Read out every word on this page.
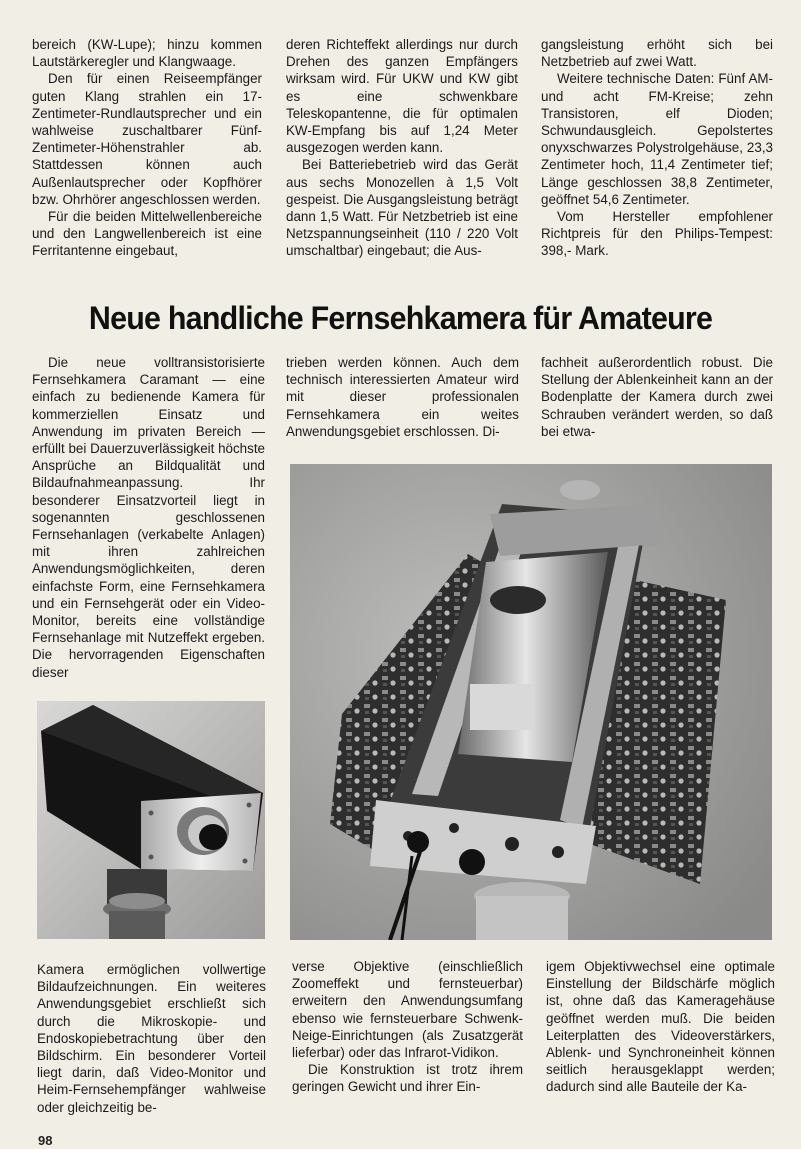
bereich (KW-Lupe); hinzu kommen Lautstärkeregler und Klangwaage.

Den für einen Reiseempfänger guten Klang strahlen ein 17-Zentimeter-Rundlautsprecher und ein wahlweise zuschaltbarer Fünf-Zentimeter-Höhenstrahler ab. Stattdessen können auch Außenlautsprecher oder Kopfhörer bzw. Ohrhörer angeschlossen werden.

Für die beiden Mittelwellenbereiche und den Langwellenbereich ist eine Ferritantenne eingebaut,

deren Richteffekt allerdings nur durch Drehen des ganzen Empfängers wirksam wird. Für UKW und KW gibt es eine schwenkbare Teleskopantenne, die für optimalen KW-Empfang bis auf 1,24 Meter ausgezogen werden kann.

Bei Batteriebetrieb wird das Gerät aus sechs Monozellen à 1,5 Volt gespeist. Die Ausgangsleistung beträgt dann 1,5 Watt. Für Netzbetrieb ist eine Netzspannungseinheit (110 / 220 Volt umschaltbar) eingebaut; die Aus-

gangsleistung erhöht sich bei Netzbetrieb auf zwei Watt.

Weitere technische Daten: Fünf AM- und acht FM-Kreise; zehn Transistoren, elf Dioden; Schwundausgleich. Gepolstertes onyxschwarzes Polystrolgehäuse, 23,3 Zentimeter hoch, 11,4 Zentimeter tief; Länge geschlossen 38,8 Zentimeter, geöffnet 54,6 Zentimeter.

Vom Hersteller empfohlener Richtpreis für den Philips-Tempest: 398,- Mark.

Neue handliche Fernsehkamera für Amateure

Die neue volltransistorisierte Fernsehkamera Caramant — eine einfach zu bedienende Kamera für kommerziellen Einsatz und Anwendung im privaten Bereich — erfüllt bei Dauerzuverlässigkeit höchste Ansprüche an Bildqualität und Bildaufnahmeanpassung. Ihr besonderer Einsatzvorteil liegt in sogenannten geschlossenen Fernsehanlagen (verkabelte Anlagen) mit ihren zahlreichen Anwendungsmöglichkeiten, deren einfachste Form, eine Fernsehkamera und ein Fernsehgerät oder ein Video-Monitor, bereits eine vollständige Fernsehanlage mit Nutzeffekt ergeben. Die hervorragenden Eigenschaften dieser

trieben werden können. Auch dem technisch interessierten Amateur wird mit dieser professionalen Fernsehkamera ein weites Anwendungsgebiet erschlossen. Di-

fachheit außerordentlich robust. Die Stellung der Ablenkeinheit kann an der Bodenplatte der Kamera durch zwei Schrauben verändert werden, so daß bei etwa-

Kamera ermöglichen vollwertige Bildaufzeichnungen. Ein weiteres Anwendungsgebiet erschließt sich durch die Mikroskopie- und Endoskopiebetrachtung über den Bildschirm. Ein besonderer Vorteil liegt darin, daß Video-Monitor und Heim-Fernsehempfänger wahlweise oder gleichzeitig be-

verse Objektive (einschließlich Zoomeffekt und fernsteuerbar) erweitern den Anwendungsumfang ebenso wie fernsteuerbare Schwenk-Neige-Einrichtungen (als Zusatzgerät lieferbar) oder das Infrarot-Vidikon.

Die Konstruktion ist trotz ihrem geringen Gewicht und ihrer Ein-

igem Objektivwechsel eine optimale Einstellung der Bildschärfe möglich ist, ohne daß das Kameragehäuse geöffnet werden muß. Die beiden Leiterplatten des Videoverstärkers, Ablenk- und Synchroneinheit können seitlich herausgeklappt werden; dadurch sind alle Bauteile der Ka-

98
